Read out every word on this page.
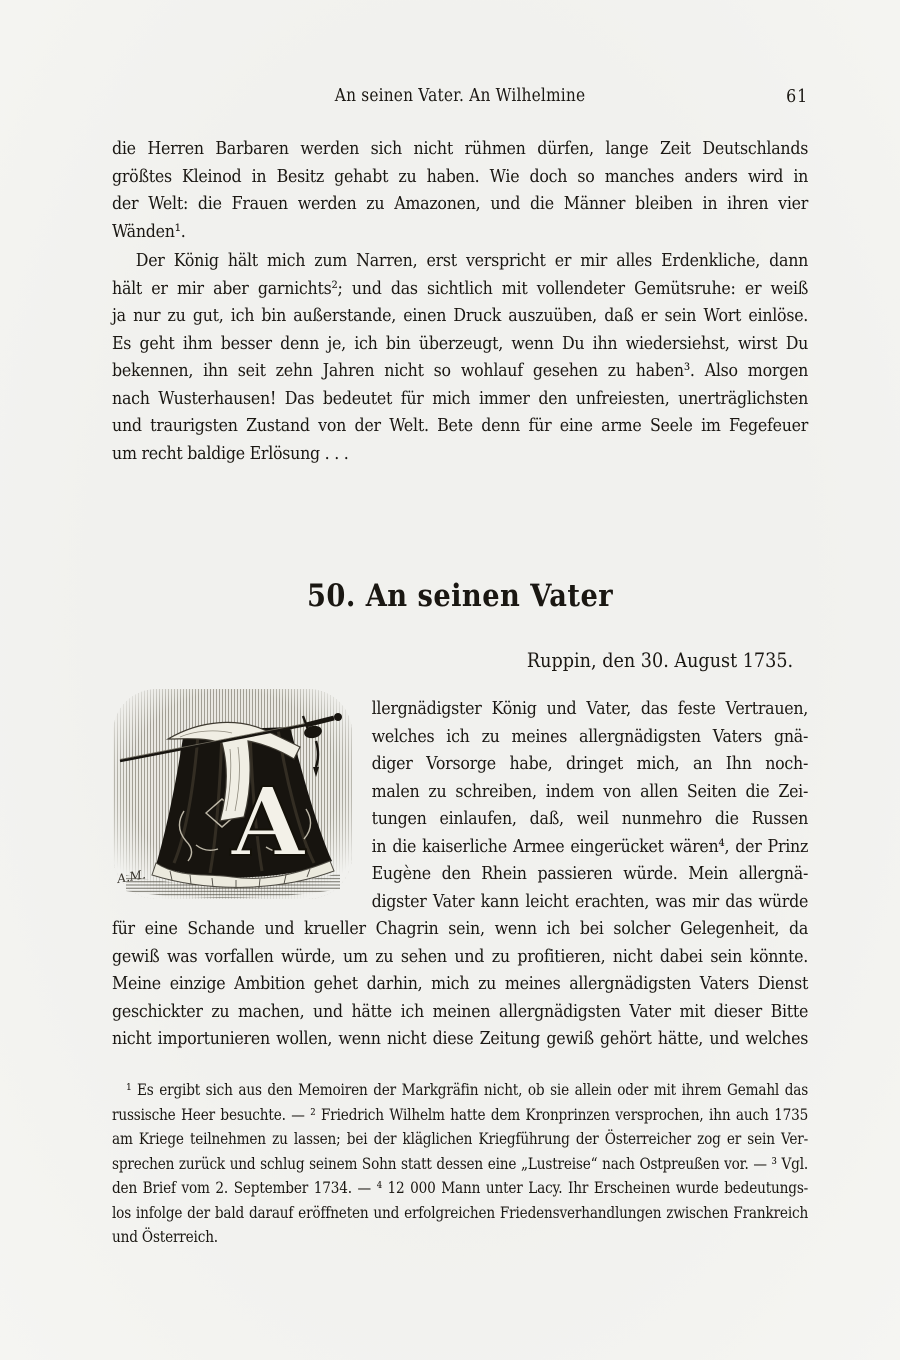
An seinen Vater. An Wilhelmine	61
die Herren Barbaren werden sich nicht rühmen dürfen, lange Zeit Deutschlands
größtes Kleinod in Besitz gehabt zu haben. Wie doch so manches anders wird in
der Welt: die Frauen werden zu Amazonen, und die Männer bleiben in ihren vier
Wänden¹.
Der König hält mich zum Narren, erst verspricht er mir alles Erdenkliche, dann
hält er mir aber garnichts²; und das sichtlich mit vollendeter Gemütsruhe: er weiß
ja nur zu gut, ich bin außerstande, einen Druck auszuüben, daß er sein Wort einlöse.
Es geht ihm besser denn je, ich bin überzeugt, wenn Du ihn wiedersiehst, wirst Du
bekennen, ihn seit zehn Jahren nicht so wohlauf gesehen zu haben³. Also morgen
nach Wusterhausen! Das bedeutet für mich immer den unfreiesten, unerträglichsten
und traurigsten Zustand von der Welt. Bete denn für eine arme Seele im Fegefeuer
um recht baldige Erlösung . . .
50. An seinen Vater
Ruppin, den 30. August 1735.
A
A.M.
llergnädigster König und Vater, das feste Vertrauen,
welches ich zu meines allergnädigsten Vaters gnä-
diger Vorsorge habe, dringet mich, an Ihn noch-
malen zu schreiben, indem von allen Seiten die Zei-
tungen einlaufen, daß, weil nunmehro die Russen
in die kaiserliche Armee eingerücket wären⁴, der Prinz
Eugène den Rhein passieren würde. Mein allergnä-
digster Vater kann leicht erachten, was mir das würde
für eine Schande und krueller Chagrin sein, wenn ich bei solcher Gelegenheit, da
gewiß was vorfallen würde, um zu sehen und zu profitieren, nicht dabei sein könnte.
Meine einzige Ambition gehet darhin, mich zu meines allergnädigsten Vaters Dienst
geschickter zu machen, und hätte ich meinen allergnädigsten Vater mit dieser Bitte
nicht importunieren wollen, wenn nicht diese Zeitung gewiß gehört hätte, und welches
¹ Es ergibt sich aus den Memoiren der Markgräfin nicht, ob sie allein oder mit ihrem Gemahl das
russische Heer besuchte. — ² Friedrich Wilhelm hatte dem Kronprinzen versprochen, ihn auch 1735
am Kriege teilnehmen zu lassen; bei der kläglichen Kriegführung der Österreicher zog er sein Ver-
sprechen zurück und schlug seinem Sohn statt dessen eine „Lustreise“ nach Ostpreußen vor. — ³ Vgl.
den Brief vom 2. September 1734. — ⁴ 12 000 Mann unter Lacy. Ihr Erscheinen wurde bedeutungs-
los infolge der bald darauf eröffneten und erfolgreichen Friedensverhandlungen zwischen Frankreich
und Österreich.
